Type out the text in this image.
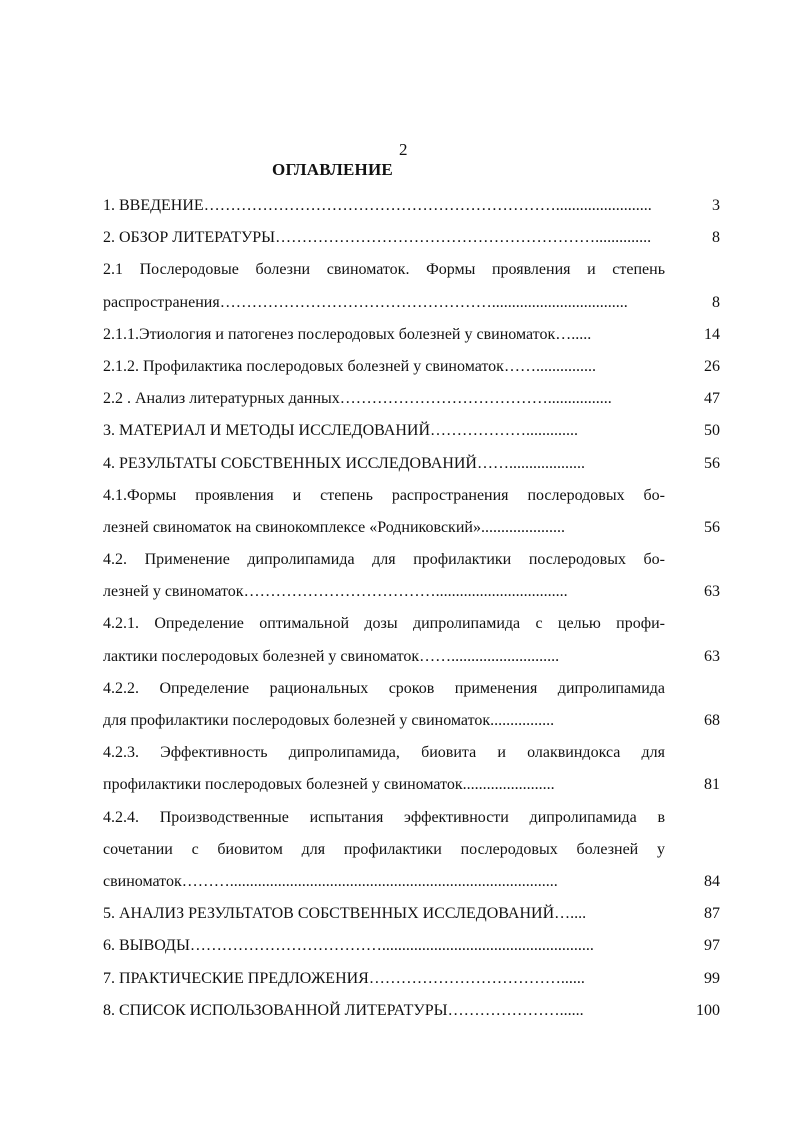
2
ОГЛАВЛЕНИЕ
1. ВВЕДЕНИЕ…………………………………………………………........................	3
2. ОБЗОР ЛИТЕРАТУРЫ……………………………………………………..............	8
2.1 Послеродовые болезни свиноматок. Формы проявления и степень
распространения……………………………………………..................................	8
2.1.1.Этиология и патогенез послеродовых болезней у свиноматок….....	14
2.1.2. Профилактика послеродовых болезней у свиноматок……...............	26
2.2 . Анализ литературных данных…………………………………................	47
3. МАТЕРИАЛ И МЕТОДЫ ИССЛЕДОВАНИЙ……………….............	50
4. РЕЗУЛЬТАТЫ СОБСТВЕННЫХ ИССЛЕДОВАНИЙ……...................	56
4.1.Формы проявления и степень распространения послеродовых бо-
лезней свиноматок на свинокомплексе «Родниковский».....................	56
4.2. Применение дипролипамида для профилактики послеродовых бо-
лезней у свиноматок……………………………….................................	63
4.2.1. Определение оптимальной дозы дипролипамида с целью профи-
лактики послеродовых болезней у свиноматок……...........................	63
4.2.2. Определение рациональных сроков применения дипролипамида
для профилактики послеродовых болезней у свиноматок................	68
4.2.3. Эффективность дипролипамида, биовита и олаквиндокса для
профилактики послеродовых болезней у свиноматок.......................	81
4.2.4. Производственные испытания эффективности дипролипамида в
сочетании с биовитом для профилактики послеродовых болезней у
свиноматок………..................................................................................	84
5. АНАЛИЗ РЕЗУЛЬТАТОВ СОБСТВЕННЫХ ИССЛЕДОВАНИЙ…....	87
6. ВЫВОДЫ……………………………….....................................................	97
7. ПРАКТИЧЕСКИЕ ПРЕДЛОЖЕНИЯ………………………………......	99
8. СПИСОК ИСПОЛЬЗОВАННОЙ ЛИТЕРАТУРЫ…………………......	100
